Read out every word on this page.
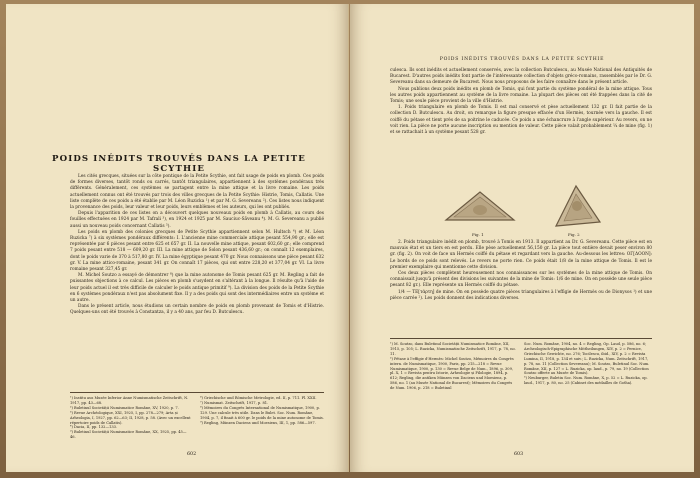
POIDS INÉDITS TROUVÉS DANS LA PETITE SCYTHIE

Les cités grecques, situées sur la côte pontique de la Petite Scythie, ont fait usage de poids en plomb. Ces poids de formes diverses, tantôt ronds ou carrés, tantôt triangulaires, appartiennent à des systèmes pondéraux très différents. Généralement, ces systèmes se partagent entre la mine attique et la livre romaine. Les poids actuellement connus ont été trouvés par trois des villes grecques de la Petite Scythie: Histrie, Tomis, Callatis. Une liste complète de ces poids a été établie par M. Léon Ruzicka ¹) et par M. G. Severeanu ²). Ces listes nous indiquent la provenance des poids, leur valeur et leur poids, leurs emblèmes et les auteurs, qui les ont publiés.

Depuis l'apparition de ces listes on a découvert quelques nouveaux poids en plomb à Callatis, au cours des fouilles effectuées en 1924 par M. Tafrali ³), en 1924 et 1925 par M. Sauciuc-Săveanu ⁴). M. G. Severeanu a publié aussi un nouveau poids concernant Callatis ⁵).

Les poids en plomb des colonies grecques de Petite Scythie appartiennent selon M. Hultsch ⁶) et M. Léon Ruzicka ⁷) à six systèmes pondéraux différents: I. L'ancienne mine commerciale attique pesant 554,90 gr.; elle est représentée par 6 pièces pesant entre 625 et 657 gr. II. La nouvelle mine attique, pesant 602,60 gr.; elle comprend 7 poids pesant entre 518 — 609,20 gr. III. La mine attique de Solon pesant 436,60 gr.; on connaît 12 exemplaires, dont le poids varie de 370 à 517,80 gr. IV. La mine égyptique pesant 470 gr. Nous connaissons une pièce pesant 632 gr. V. La mine attico-romaine, pesant 341 gr. On connaît 17 pièces, qui ont entre 228,20 et 377,04 gr. VI. La livre romaine pesant 327,45 gr.

M. Michel Soutzo a essayé de démontrer ⁸) que la mine autonome de Tomis pesant 625 gr. M. Regling a fait de puissantes objections à ce calcul. Les pièces en plomb s'usydent en s'altérant à la longue. Il résulte qu'à l'aide de leur poids actuel il est très difficile de calculer le poids antique primitif ⁹). La division des poids de la Petite Scythie en 6 systèmes pondéraux n'est pas absolument fixe. Il y a des poids qui sont des intermédiaires entre un système et un autre.

Dans le présent article, nous étudions un certain nombre de poids en plomb provenant de Tomis et d'Histrie. Quelques-uns ont été trouvés à Constantza, il y a 40 ans, par feu D. Butculescu.

¹) Institu aus Musée Inferior Anne Numismatische Zeitschrift, N. 1917, pp. 43—68.

²) Buletinul Societății Numismatice Române, XV, 1920, p. 7.

³) Revue Archéologique, XXI, 1925, I, pp. 278—279; Arta și Arheologia, I, 1927, pp. 62—63; II, 1928, p. 58. (Avec un excellent répertoire poids de Callatis).

⁴) Dacia, II, pp. 132—133.

⁵) Buletinul Societății Numismatice Române, XX, 1925, pp. 45—46.

⁶) Griechische und Römische Metrologie, ed. II, p. 711. Pl. XXII.

⁷) Numismat. Zeitschrift, 1917, p. 81.

⁸) Mémoires du Congrès International de Numismatique, 1900, p. 129. Une calcule très utile. Dans le Bulet. Soc. Num. Române, 1904, p. 7, il finait à 600 gr. le poids de la mine autonome de Tomis.

⁹) Regling, Münzen Daciens und Moesiens, III, 1, pp. 586—597.

602
POIDS INÉDITS TROUVÉS DANS LA PETITE SCYTHIE

culesca. Ils sont inédits et actuellement conservés, avec la collection Butculescu, au Musée National des Antiquités de Bucarest. D'autres poids inédits font partie de l'intéressante collection d'objets gréco-romains, rassemblés par le Dr. G. Severeanu dans sa demeure de Bucarest. Nous nous proposons de les faire connaître dans le présent article.

Nous publions deux poids inédits en plomb de Tomis, qui font partie du système pondéral de la mine attique. Tous les autres poids appartiennent au système de la livre romaine. La plupart des pièces ont été frappées dans la cité de Tomis; une seule pièce provient de la ville d'Histrie.

1. Poids triangulaire en plomb de Tomis. Il est mal conservé et pèse actuellement 132 gr. Il fait partie de la collection D. Butculescu. Au droit, on remarque la figure presque effacée d'un Hermès, tournée vers la gauche. Il est coiffé du pétase et tient près de sa poitrine le caducée. Ce poids a une échancrure à l'angle supérieur. Au revers, on ne voit rien. La pièce ne porte aucune inscription ou mention de valeur. Cette pièce valait probablement ¼ de mine (fig. 1) et se rattachait à un système pesant 528 gr.

Fig. 1	Fig. 2

2. Poids triangulaire inédit en plomb, trouvé à Tomis en 1913. Il appartient au Dr. G. Severeanu. Cette pièce est en mauvais état et un tiers en est perdu. Elle pèse actuellement 56,150 gr. La pièce tout entière devait peser environ 80 gr. (fig. 2). On voit de face un Hermès coiffé du pétase et regardant vers la gauche. Au-dessous les lettres: ΟΓ[ΔΟΟΝ]: Le bords de ce poids sont relevés. Le revers ne porte rien. Ce poids était 1/8 de la mine attique de Tomis. Il est le premier exemplaire qui mentionne cette division.

Ces deux pièces complètent heureusement nos connaissances sur les systèmes de la mine attique de Tomis. On connaissait jusqu'à présent des divisions les suivantes de la mine de Tomis: 1/6 de mine. On en possède une seule pièce pesant 82 gr.). Elle représente un Hermès coiffé du pétase.

1/4 — ΤΕ[τάρτη] de mine. On en possède quatre pièces triangulaires à l'effigie de Hermès ou de Dionysos ¹) et une pièce carrée ²). Les poids donnent des indications diverses.

¹) M. Soutzo, dans Buletinul Societății Numismatice Române, XII, 1915, p. 105; L. Ruzicka, Numismatische Zeitschrift, 1917, p. 78, no. 11.

²) Pétase à l'effigie d'Hermès: Michel Soutzo, Mémoires du Congrès intern. de Numismatique, 1900, Paris, pp. 215—218 = Revue Numismatique, 1900, p. 130 = Revue Belge de Num., 1896, p. 309, pl. X, 1 = Revista pentru Istorie, Arheologie și Filologie, 1894, p. 612; Regling, die antiken Münzen von Daciens und Moesiens, p. 586, no. 1 (au Musée National de Bucarest); Mémoires du Congrès de Num. 1906, p. 218 = Buletinul

Soc. Num. Române, 1904, no. 4 = Regling, Op. Laud, p. 586, no. 6; Archeologisch-Epigraphische Mittheilungen, XIV, p. 2 = Pernice, Griechische Gewichte, no. 276; Tocilescu, ibid., XIV, p. 2 = Revista Lumina, II, 1918, p. 134 et suiv.; L. Ruzicka, Num. Zeitschrift, 1917, p. 78, no. 11 (Collection Severeanu); M. Soutzo, Buletinul Soc. Num. Române, XII, p. 127 = L. Ruzicka, op. laud., p. 79, no. 19 (Collection Soutzo offerte au Musée de Tomis).

³) Neuburger, Buletin Soc. Num. Române, X, p. 52 = L. Ruzicka, op. laud., 1917, p. 80, no. 25 (Cabinet des médailles de Gotha).

603
